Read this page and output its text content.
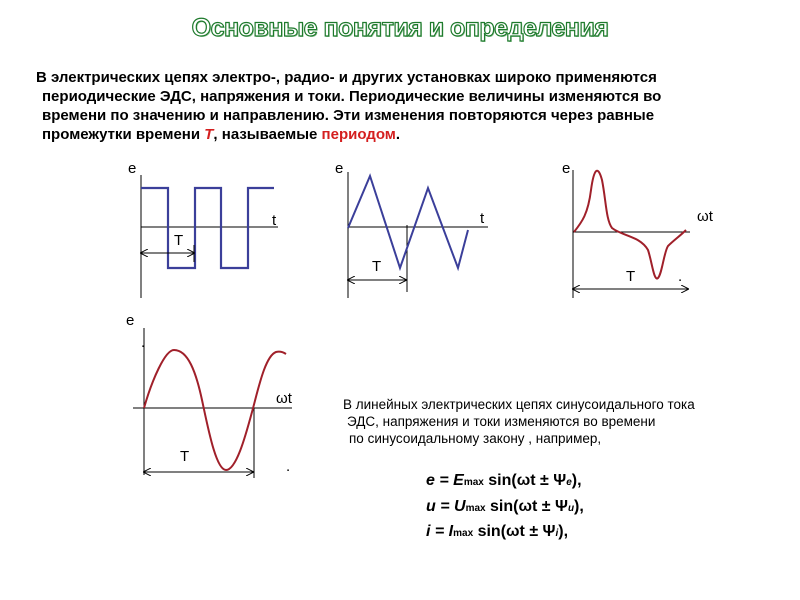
Основные понятия и определения
В электрических цепях электро-, радио- и других установках широко применяются
периодические ЭДС, напряжения и токи. Периодические величины изменяются во
времени по значению и направлению. Эти изменения повторяются через равные
промежутки времени Т, называемые периодом.
е
t
T
е
t
T
е
ωt
T	.
е
.
ωt
T
.
В линейных электрических цепях синусоидального тока
ЭДС, напряжения и токи изменяются во времени
по синусоидальному закону , например,
e = Emax sin(ωt ± Ψe),
u = Umax sin(ωt ± Ψu),
i = Imax sin(ωt ± Ψi),
